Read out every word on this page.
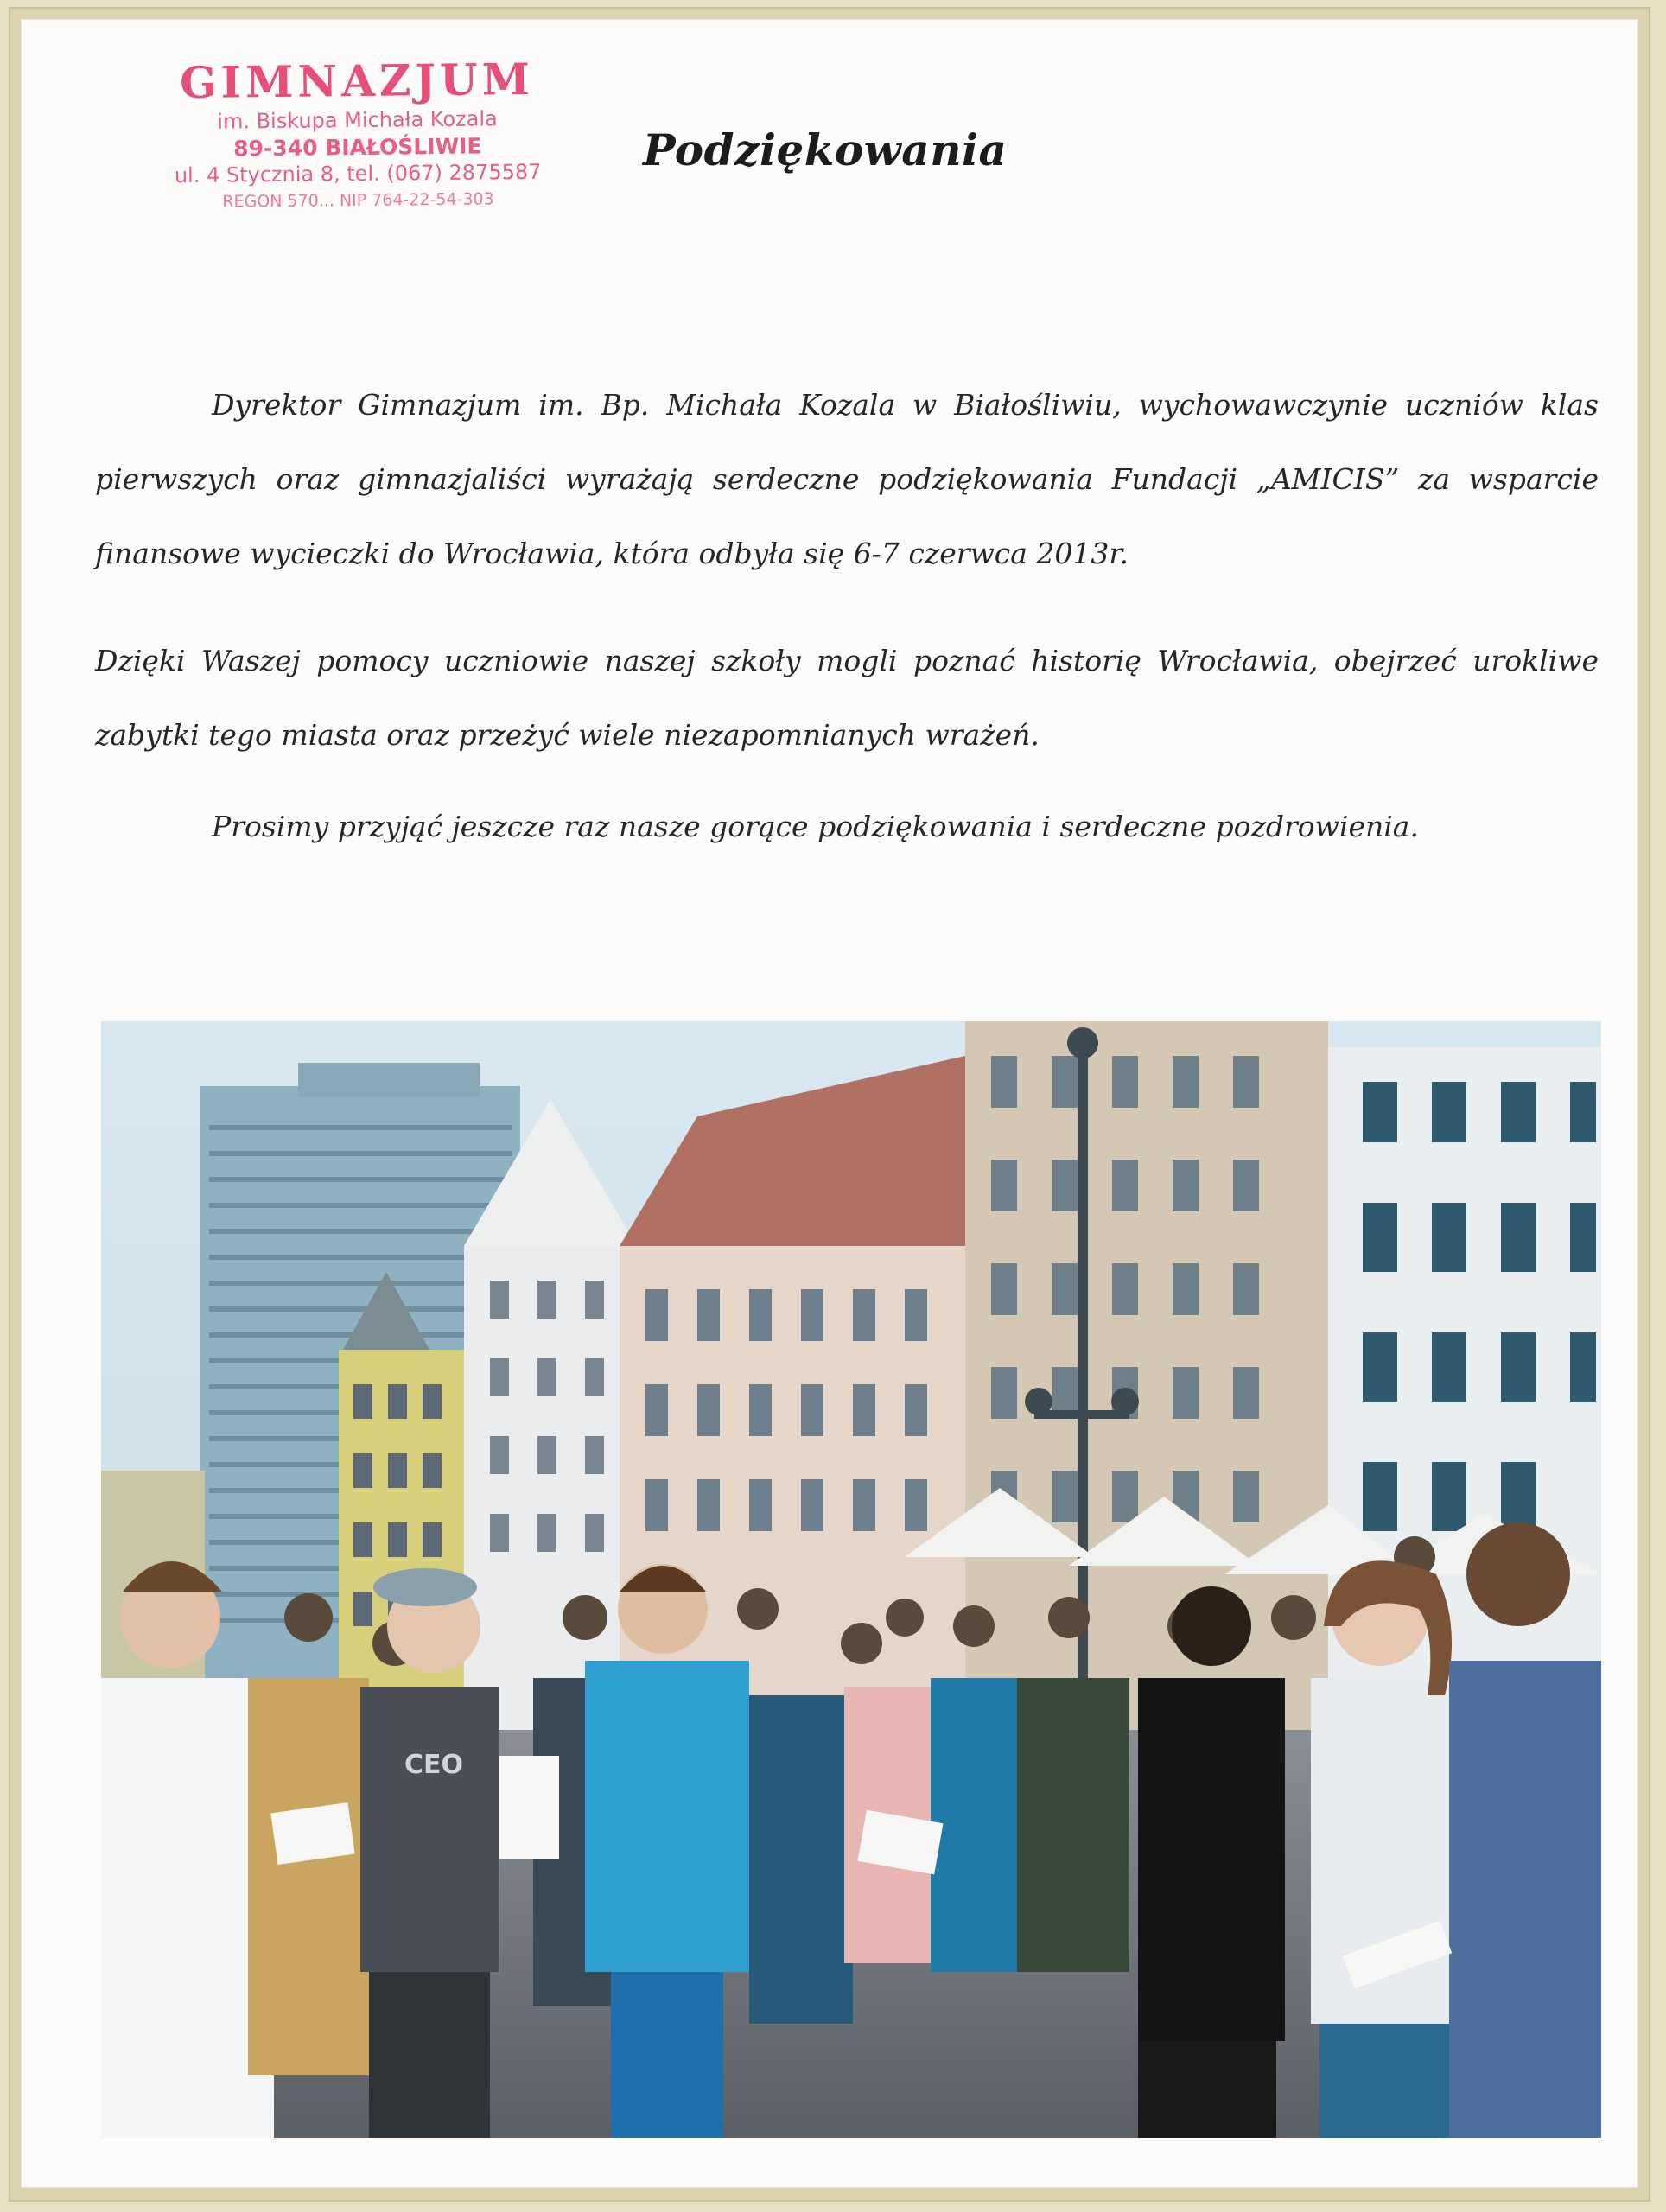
GIMNAZJUM
im. Biskupa Michała Kozala
89-340 BIAŁOŚLIWIE
ul. 4 Stycznia 8, tel. (067) 2875587
REGON 570... NIP 764-22-54-303
Podziękowania

Dyrektor Gimnazjum im. Bp. Michała Kozala w Białośliwiu, wychowawczynie uczniów klas pierwszych oraz gimnazjaliści wyrażają serdeczne podziękowania Fundacji „AMICIS” za wsparcie finansowe wycieczki do Wrocławia, która odbyła się 6-7 czerwca 2013r.

Dzięki Waszej pomocy uczniowie naszej szkoły mogli poznać historię Wrocławia, obejrzeć urokliwe zabytki tego miasta oraz przeżyć wiele niezapomnianych wrażeń.

Prosimy przyjąć jeszcze raz nasze gorące podziękowania i serdeczne pozdrowienia.

CEO
